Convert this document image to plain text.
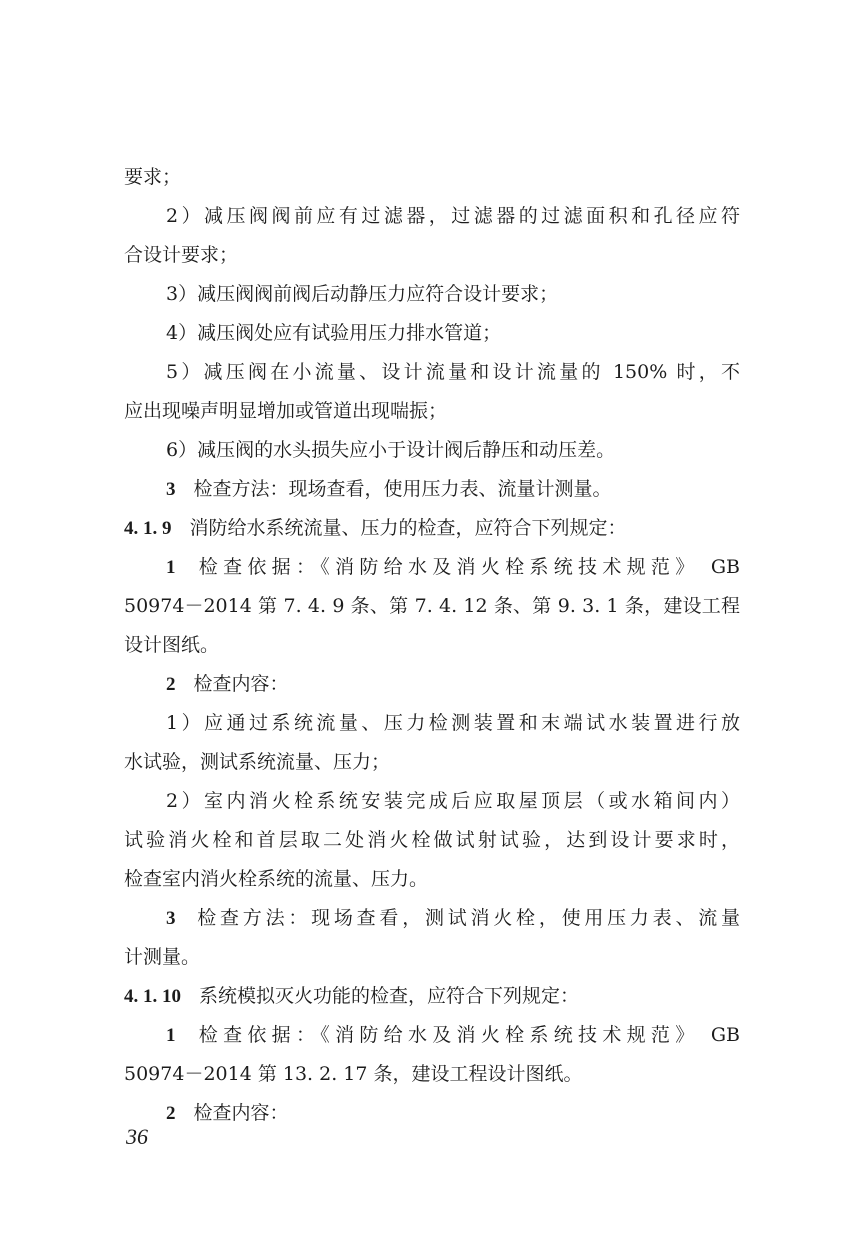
要求；
2）减压阀阀前应有过滤器，过滤器的过滤面积和孔径应符
合设计要求；
3）减压阀阀前阀后动静压力应符合设计要求；
4）减压阀处应有试验用压力排水管道；
5）减压阀在小流量、设计流量和设计流量的 150% 时，不
应出现噪声明显增加或管道出现喘振；
6）减压阀的水头损失应小于设计阀后静压和动压差。
3 检查方法：现场查看，使用压力表、流量计测量。
4. 1. 9 消防给水系统流量、压力的检查，应符合下列规定：
1 检查依据：《消防给水及消火栓系统技术规范》 GB
50974－2014 第 7. 4. 9 条、第 7. 4. 12 条、第 9. 3. 1 条，建设工程
设计图纸。
2 检查内容：
1）应通过系统流量、压力检测装置和末端试水装置进行放
水试验，测试系统流量、压力；
2）室内消火栓系统安装完成后应取屋顶层（或水箱间内）
试验消火栓和首层取二处消火栓做试射试验，达到设计要求时，
检查室内消火栓系统的流量、压力。
3 检查方法：现场查看，测试消火栓，使用压力表、流量
计测量。
4. 1. 10 系统模拟灭火功能的检查，应符合下列规定：
1 检查依据：《消防给水及消火栓系统技术规范》 GB
50974－2014 第 13. 2. 17 条，建设工程设计图纸。
2 检查内容：
36
